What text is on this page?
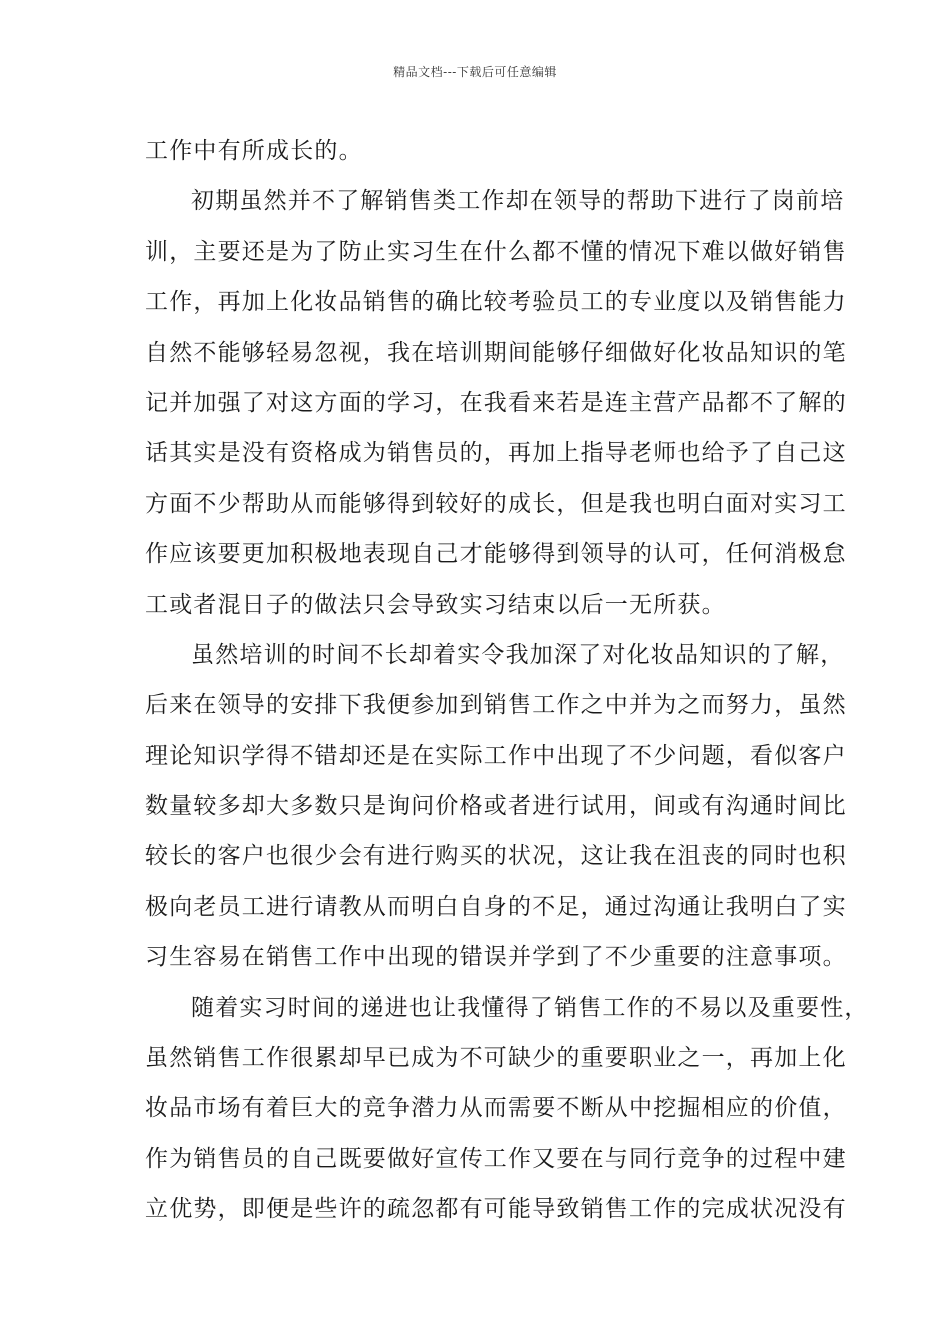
精品文档---下载后可任意编辑
工作中有所成长的。
初期虽然并不了解销售类工作却在领导的帮助下进行了岗前培
训，主要还是为了防止实习生在什么都不懂的情况下难以做好销售
工作，再加上化妆品销售的确比较考验员工的专业度以及销售能力
自然不能够轻易忽视，我在培训期间能够仔细做好化妆品知识的笔
记并加强了对这方面的学习，在我看来若是连主营产品都不了解的
话其实是没有资格成为销售员的，再加上指导老师也给予了自己这
方面不少帮助从而能够得到较好的成长，但是我也明白面对实习工
作应该要更加积极地表现自己才能够得到领导的认可，任何消极怠
工或者混日子的做法只会导致实习结束以后一无所获。
虽然培训的时间不长却着实令我加深了对化妆品知识的了解，
后来在领导的安排下我便参加到销售工作之中并为之而努力，虽然
理论知识学得不错却还是在实际工作中出现了不少问题，看似客户
数量较多却大多数只是询问价格或者进行试用，间或有沟通时间比
较长的客户也很少会有进行购买的状况，这让我在沮丧的同时也积
极向老员工进行请教从而明白自身的不足，通过沟通让我明白了实
习生容易在销售工作中出现的错误并学到了不少重要的注意事项。
随着实习时间的递进也让我懂得了销售工作的不易以及重要性，
虽然销售工作很累却早已成为不可缺少的重要职业之一，再加上化
妆品市场有着巨大的竞争潜力从而需要不断从中挖掘相应的价值，
作为销售员的自己既要做好宣传工作又要在与同行竞争的过程中建
立优势，即便是些许的疏忽都有可能导致销售工作的完成状况没有
